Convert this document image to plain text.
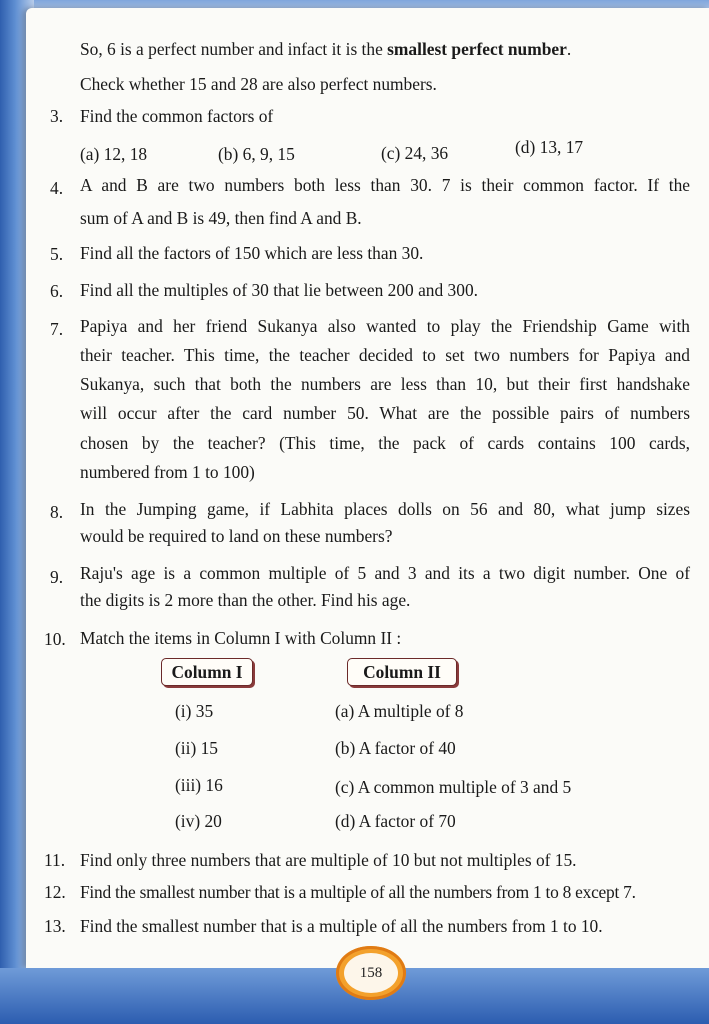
So, 6 is a perfect number and infact it is the smallest perfect number.
Check whether 15 and 28 are also perfect numbers.
3. Find the common factors of
(a) 12, 18	(b) 6, 9, 15	(c) 24, 36	(d) 13, 17
4. A and B are two numbers both less than 30. 7 is their common factor. If the
sum of A and B is 49, then find A and B.
5. Find all the factors of 150 which are less than 30.
6. Find all the multiples of 30 that lie between 200 and 300.
7. Papiya and her friend Sukanya also wanted to play the Friendship Game with
their teacher. This time, the teacher decided to set two numbers for Papiya and
Sukanya, such that both the numbers are less than 10, but their first handshake
will occur after the card number 50. What are the possible pairs of numbers
chosen by the teacher? (This time, the pack of cards contains 100 cards,
numbered from 1 to 100)
8. In the Jumping game, if Labhita places dolls on 56 and 80, what jump sizes
would be required to land on these numbers?
9. Raju's age is a common multiple of 5 and 3 and its a two digit number. One of
the digits is 2 more than the other. Find his age.
10. Match the items in Column I with Column II :
Column I	Column II
(i) 35	(a) A multiple of 8
(ii) 15	(b) A factor of 40
(iii) 16	(c) A common multiple of 3 and 5
(iv) 20	(d) A factor of 70
11. Find only three numbers that are multiple of 10 but not multiples of 15.
12. Find the smallest number that is a multiple of all the numbers from 1 to 8 except 7.
13. Find the smallest number that is a multiple of all the numbers from 1 to 10.
158
